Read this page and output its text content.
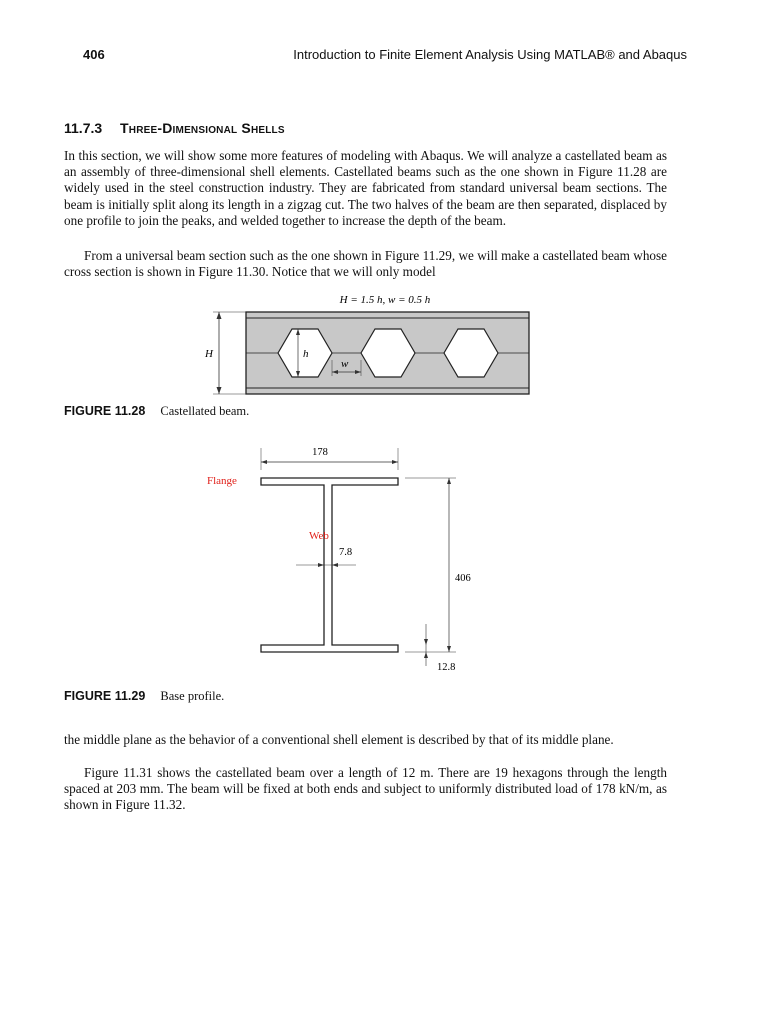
406	Introduction to Finite Element Analysis Using MATLAB® and Abaqus
11.7.3 Three-Dimensional Shells

In this section, we will show some more features of modeling with Abaqus. We will analyze a castellated beam as an assembly of three-dimensional shell elements. Castellated beams such as the one shown in Figure 11.28 are widely used in the steel construction industry. They are fabricated from standard universal beam sections. The beam is initially split along its length in a zigzag cut. The two halves of the beam are then separated, displaced by one profile to join the peaks, and welded together to increase the depth of the beam.

From a universal beam section such as the one shown in Figure 11.29, we will make a castellated beam whose cross section is shown in Figure 11.30. Notice that we will only model

H = 1.5 h, w = 0.5 h
H	h
w
FIGURE 11.28 Castellated beam.
178
406
7.8
12.8
Flange
Web
FIGURE 11.29 Base profile.

the middle plane as the behavior of a conventional shell element is described by that of its middle plane.

Figure 11.31 shows the castellated beam over a length of 12 m. There are 19 hexagons through the length spaced at 203 mm. The beam will be fixed at both ends and subject to uniformly distributed load of 178 kN/m, as shown in Figure 11.32.
